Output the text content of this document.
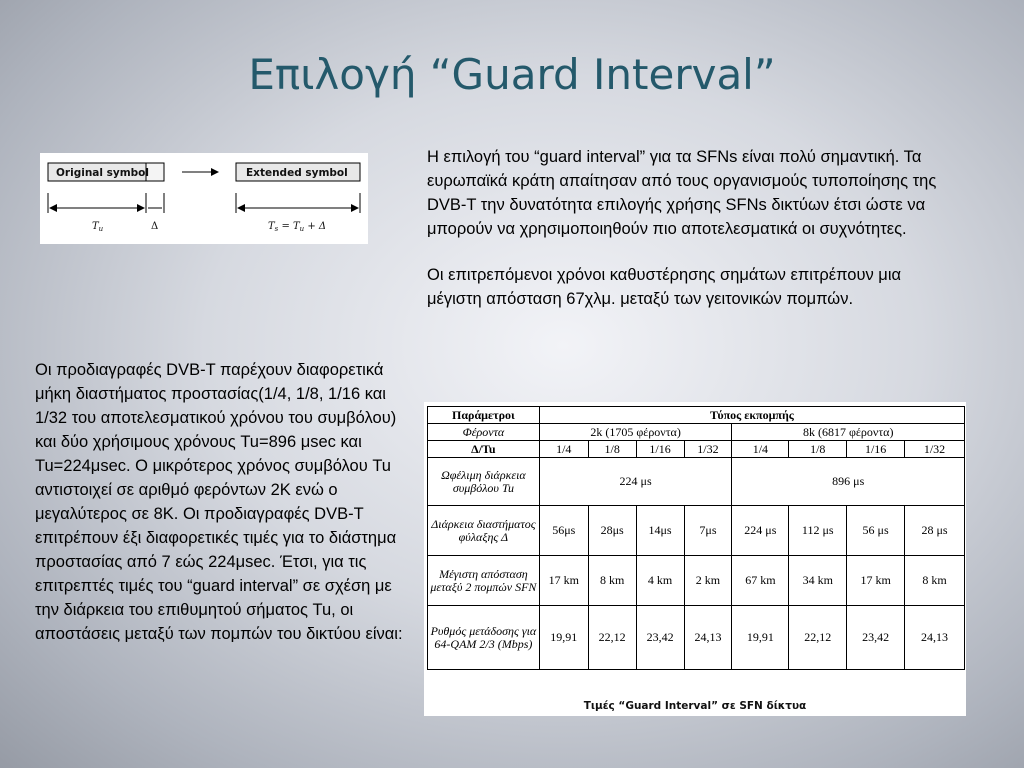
Επιλογή “Guard Interval”
Original symbol	Extended symbol
$T_u$	Δ	$T_s = T_u + \Delta$

Η επιλογή του “guard interval” για τα SFNs είναι πολύ σημαντική. Τα ευρωπαϊκά κράτη απαίτησαν από τους οργανισμούς τυποποίησης της DVB-T την δυνατότητα επιλογής χρήσης SFNs δικτύων έτσι ώστε να μπορούν να χρησιμοποιηθούν πιο αποτελεσματικά οι συχνότητες.

Οι επιτρεπόμενοι χρόνοι καθυστέρησης σημάτων επιτρέπουν μια μέγιστη απόσταση 67χλμ. μεταξύ των γειτονικών πομπών.

Οι προδιαγραφές DVB-T παρέχουν διαφορετικά μήκη διαστήματος προστασίας(1/4, 1/8, 1/16 και 1/32 του αποτελεσματικού χρόνου του συμβόλου) και δύο χρήσιμους χρόνους Tu=896 μsec και Tu=224μsec. Ο μικρότερος χρόνος συμβόλου Tu αντιστοιχεί σε αριθμό φερόντων 2K ενώ ο μεγαλύτερος σε 8K. Οι προδιαγραφές DVB-T επιτρέπουν έξι διαφορετικές τιμές για το διάστημα προστασίας από 7 εώς 224μsec. Έτσι, για τις επιτρεπτές τιμές του “guard interval” σε σχέση με την διάρκεια του επιθυμητού σήματος Tu, οι αποστάσεις μεταξύ των πομπών του δικτύου είναι:
Παράμετροι	Τύπος εκπομπής							
Φέροντα	2k (1705 φέροντα)				8k (6817 φέροντα)			
Δ/Tu	1/4	1/8	1/16	1/32	1/4	1/8	1/16	1/32
Ωφέλιμη διάρκεια συμβόλου Tu	224 μs				896 μs			
Διάρκεια διαστήματος φύλαξης Δ	56μs	28μs	14μs	7μs	224 μs	112 μs	56 μs	28 μs
Μέγιστη απόσταση μεταξύ 2 πομπών SFN	17 km	8 km	4 km	2 km	67 km	34 km	17 km	8 km
Ρυθμός μετάδοσης για 64-QAM 2/3 (Mbps)	19,91	22,12	23,42	24,13	19,91	22,12	23,42	24,13
Τιμές “Guard Interval” σε SFN δίκτυα
